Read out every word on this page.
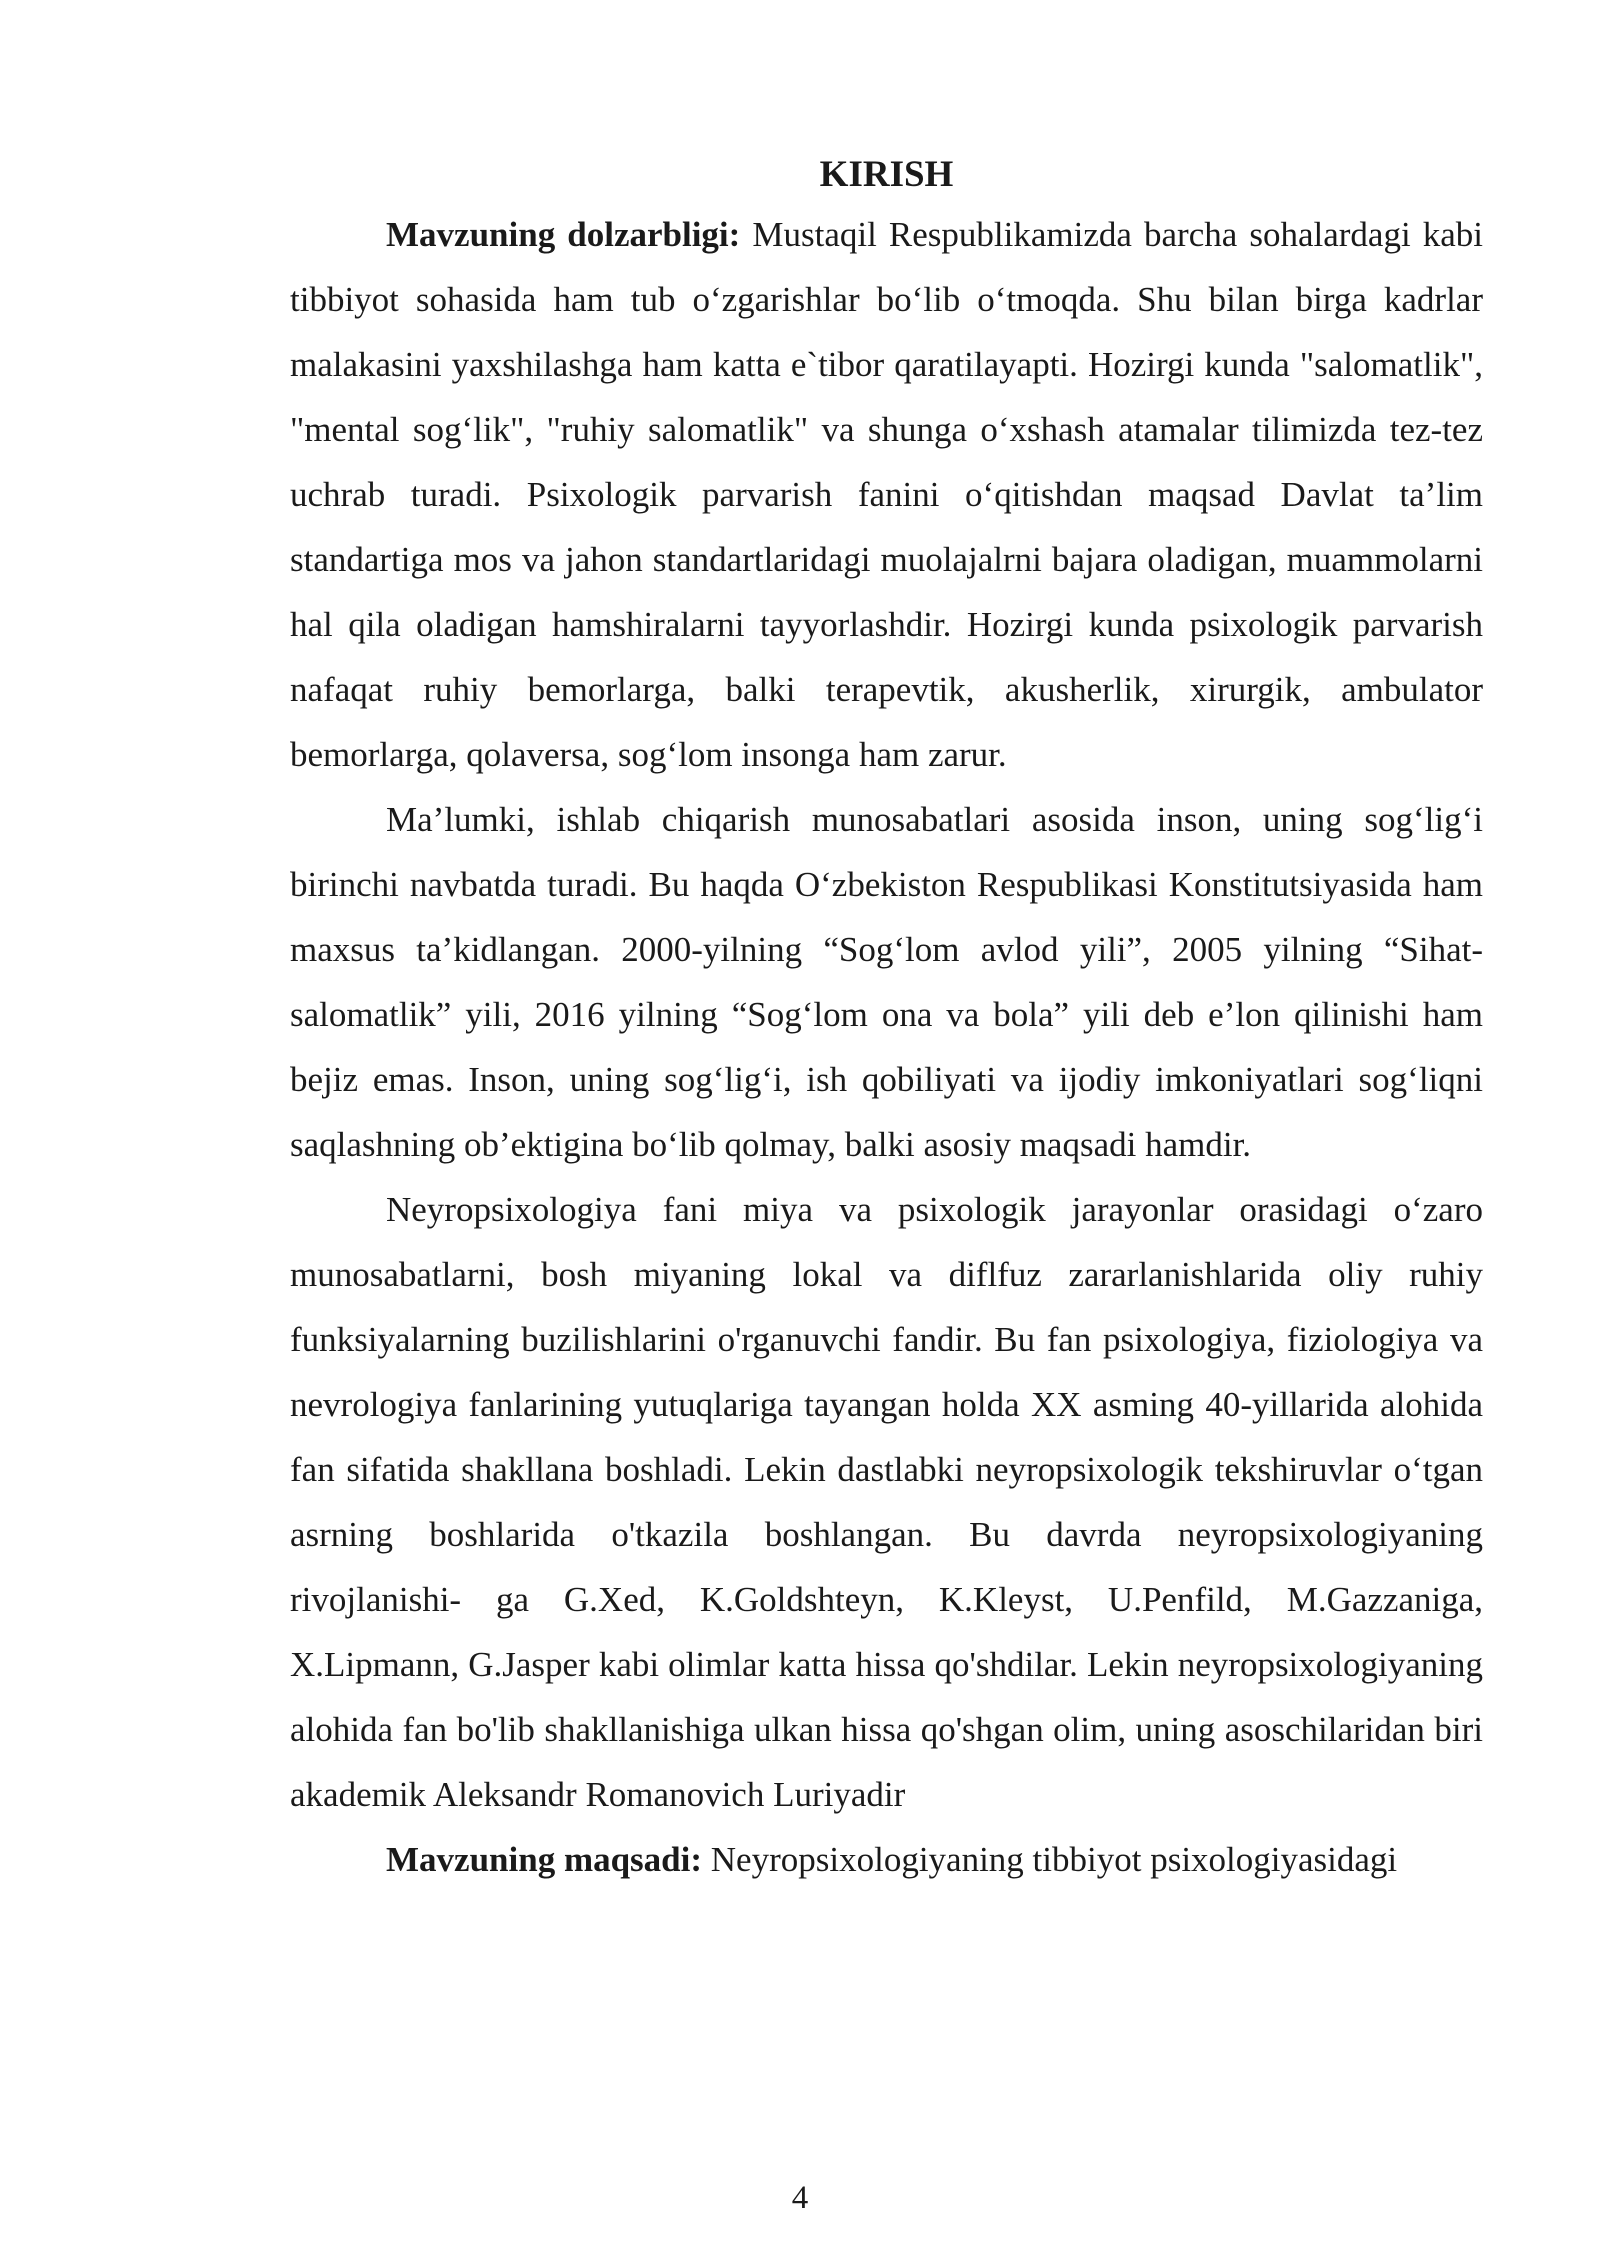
KIRISH

Mavzuning dolzarbligi: Mustaqil Respublikamizda barcha sohalardagi kabi tibbiyot sohasida ham tub o‘zgarishlar bo‘lib o‘tmoqda. Shu bilan birga kadrlar malakasini yaxshilashga ham katta e`tibor qaratilayapti. Hozirgi kunda "salomatlik", "mental sog‘lik", "ruhiy salomatlik" va shunga o‘xshash atamalar tilimizda tez-tez uchrab turadi. Psixologik parvarish fanini o‘qitishdan maqsad Davlat ta’lim standartiga mos va jahon standartlaridagi muolajalrni bajara oladigan, muammolarni hal qila oladigan hamshiralarni tayyorlashdir. Hozirgi kunda psixologik parvarish nafaqat ruhiy bemorlarga, balki terapevtik, akusherlik, xirurgik, ambulator bemorlarga, qolaversa, sog‘lom insonga ham zarur.

Ma’lumki, ishlab chiqarish munosabatlari asosida inson, uning sog‘lig‘i birinchi navbatda turadi. Bu haqda O‘zbekiston Respublikasi Konstitutsiyasida ham maxsus ta’kidlangan. 2000-yilning “Sog‘lom avlod yili”, 2005 yilning “Sihat-salomatlik” yili, 2016 yilning “Sog‘lom ona va bola” yili deb e’lon qilinishi ham bejiz emas. Inson, uning sog‘lig‘i, ish qobiliyati va ijodiy imkoniyatlari sog‘liqni saqlashning ob’ektigina bo‘lib qolmay, balki asosiy maqsadi hamdir.

Neyropsixologiya fani miya va psixologik jarayonlar orasidagi o‘zaro munosabatlarni, bosh miyaning lokal va diflfuz zararlanishlarida oliy ruhiy funksiyalarning buzilishlarini o'rganuvchi fandir. Bu fan psixologiya, fiziologiya va nevrologiya fanlarining yutuqlariga tayangan holda XX asming 40-yillarida alohida fan sifatida shakllana boshladi. Lekin dastlabki neyropsixologik tekshiruvlar o‘tgan asrning boshlarida o'tkazila boshlangan. Bu davrda neyropsixologiyaning rivojlanishi- ga G.Xed, K.Goldshteyn, K.Kleyst, U.Penfild, M.Gazzaniga, X.Lipmann, G.Jasper kabi olimlar katta hissa qo'shdilar. Lekin neyropsixologiyaning alohida fan bo'lib shakllanishiga ulkan hissa qo'shgan olim, uning asoschilaridan biri akademik Aleksandr Romanovich Luriyadir

Mavzuning maqsadi: Neyropsixologiyaning tibbiyot psixologiyasidagi

4
